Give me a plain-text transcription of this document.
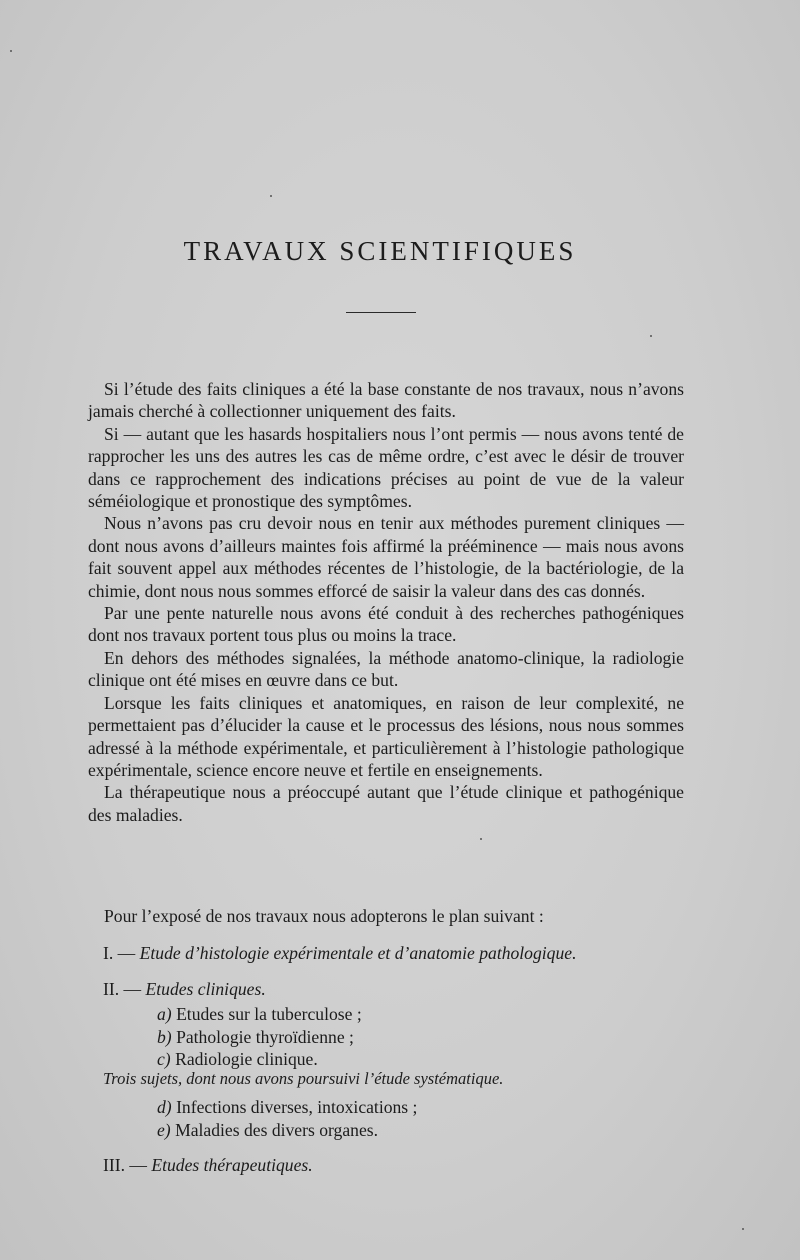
TRAVAUX SCIENTIFIQUES

Si l’étude des faits cliniques a été la base constante de nos travaux, nous n’avons jamais cherché à collectionner uniquement des faits.

Si — autant que les hasards hospitaliers nous l’ont permis — nous avons tenté de rapprocher les uns des autres les cas de même ordre, c’est avec le désir de trouver dans ce rapprochement des indications précises au point de vue de la valeur séméiologique et pronostique des symptômes.

Nous n’avons pas cru devoir nous en tenir aux méthodes purement cliniques — dont nous avons d’ailleurs maintes fois affirmé la prééminence — mais nous avons fait souvent appel aux méthodes récentes de l’histologie, de la bactériologie, de la chimie, dont nous nous sommes efforcé de saisir la valeur dans des cas donnés.

Par une pente naturelle nous avons été conduit à des recherches pathogéniques dont nos travaux portent tous plus ou moins la trace.

En dehors des méthodes signalées, la méthode anatomo-clinique, la radiologie clinique ont été mises en œuvre dans ce but.

Lorsque les faits cliniques et anatomiques, en raison de leur complexité, ne permettaient pas d’élucider la cause et le processus des lésions, nous nous sommes adressé à la méthode expérimentale, et particulièrement à l’histologie pathologique expérimentale, science encore neuve et fertile en enseignements.

La thérapeutique nous a préoccupé autant que l’étude clinique et pathogénique des maladies.

Pour l’exposé de nos travaux nous adopterons le plan suivant :
I. — Etude d’histologie expérimentale et d’anatomie pathologique.
II. — Etudes cliniques.
a) Etudes sur la tuberculose ;
b) Pathologie thyroïdienne ;
c) Radiologie clinique.
Trois sujets, dont nous avons poursuivi l’étude systématique.
d) Infections diverses, intoxications ;
e) Maladies des divers organes.
III. — Etudes thérapeutiques.
